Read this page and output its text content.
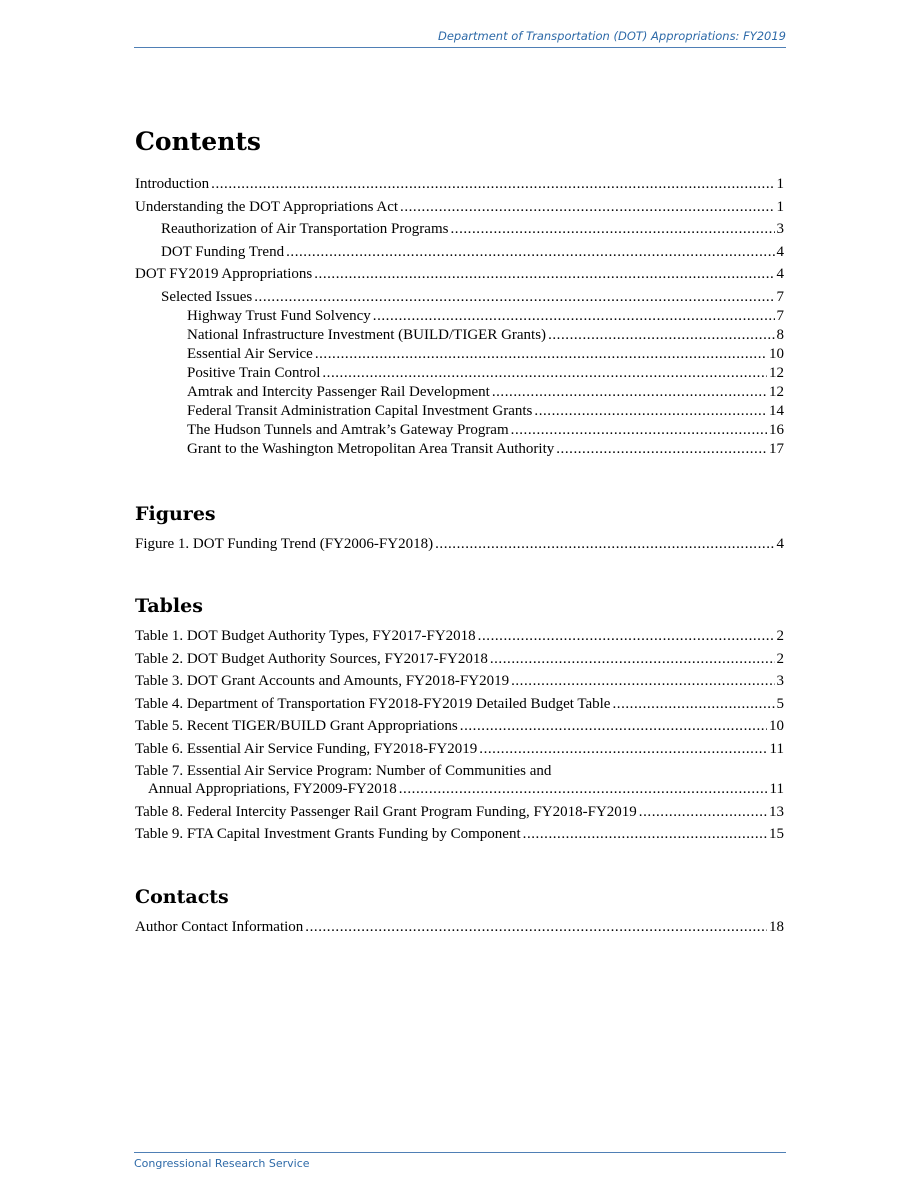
Department of Transportation (DOT) Appropriations: FY2019
Contents
Introduction . . .	1
Understanding the DOT Appropriations Act . . .	1
Reauthorization of Air Transportation Programs . . .	3
DOT Funding Trend . . .	4
DOT FY2019 Appropriations . . .	4
Selected Issues . . .	7
Highway Trust Fund Solvency . . .	7
National Infrastructure Investment (BUILD/TIGER Grants) . . .	8
Essential Air Service . . .	10
Positive Train Control . . .	12
Amtrak and Intercity Passenger Rail Development . . .	12
Federal Transit Administration Capital Investment Grants . . .	14
The Hudson Tunnels and Amtrak’s Gateway Program . . .	16
Grant to the Washington Metropolitan Area Transit Authority . . .	17
Figures
Figure 1. DOT Funding Trend (FY2006-FY2018) . . .	4
Tables
Table 1. DOT Budget Authority Types, FY2017-FY2018 . . .	2
Table 2. DOT Budget Authority Sources, FY2017-FY2018 . . .	2
Table 3. DOT Grant Accounts and Amounts, FY2018-FY2019 . . .	3
Table 4. Department of Transportation FY2018-FY2019 Detailed Budget Table . . .	5
Table 5. Recent TIGER/BUILD Grant Appropriations . . .	10
Table 6. Essential Air Service Funding, FY2018-FY2019 . . .	11
Table 7. Essential Air Service Program: Number of Communities and
Annual Appropriations, FY2009-FY2018 . . .	11
Table 8. Federal Intercity Passenger Rail Grant Program Funding, FY2018-FY2019 . . .	13
Table 9. FTA Capital Investment Grants Funding by Component . . .	15
Contacts
Author Contact Information . . .	18
Congressional Research Service
